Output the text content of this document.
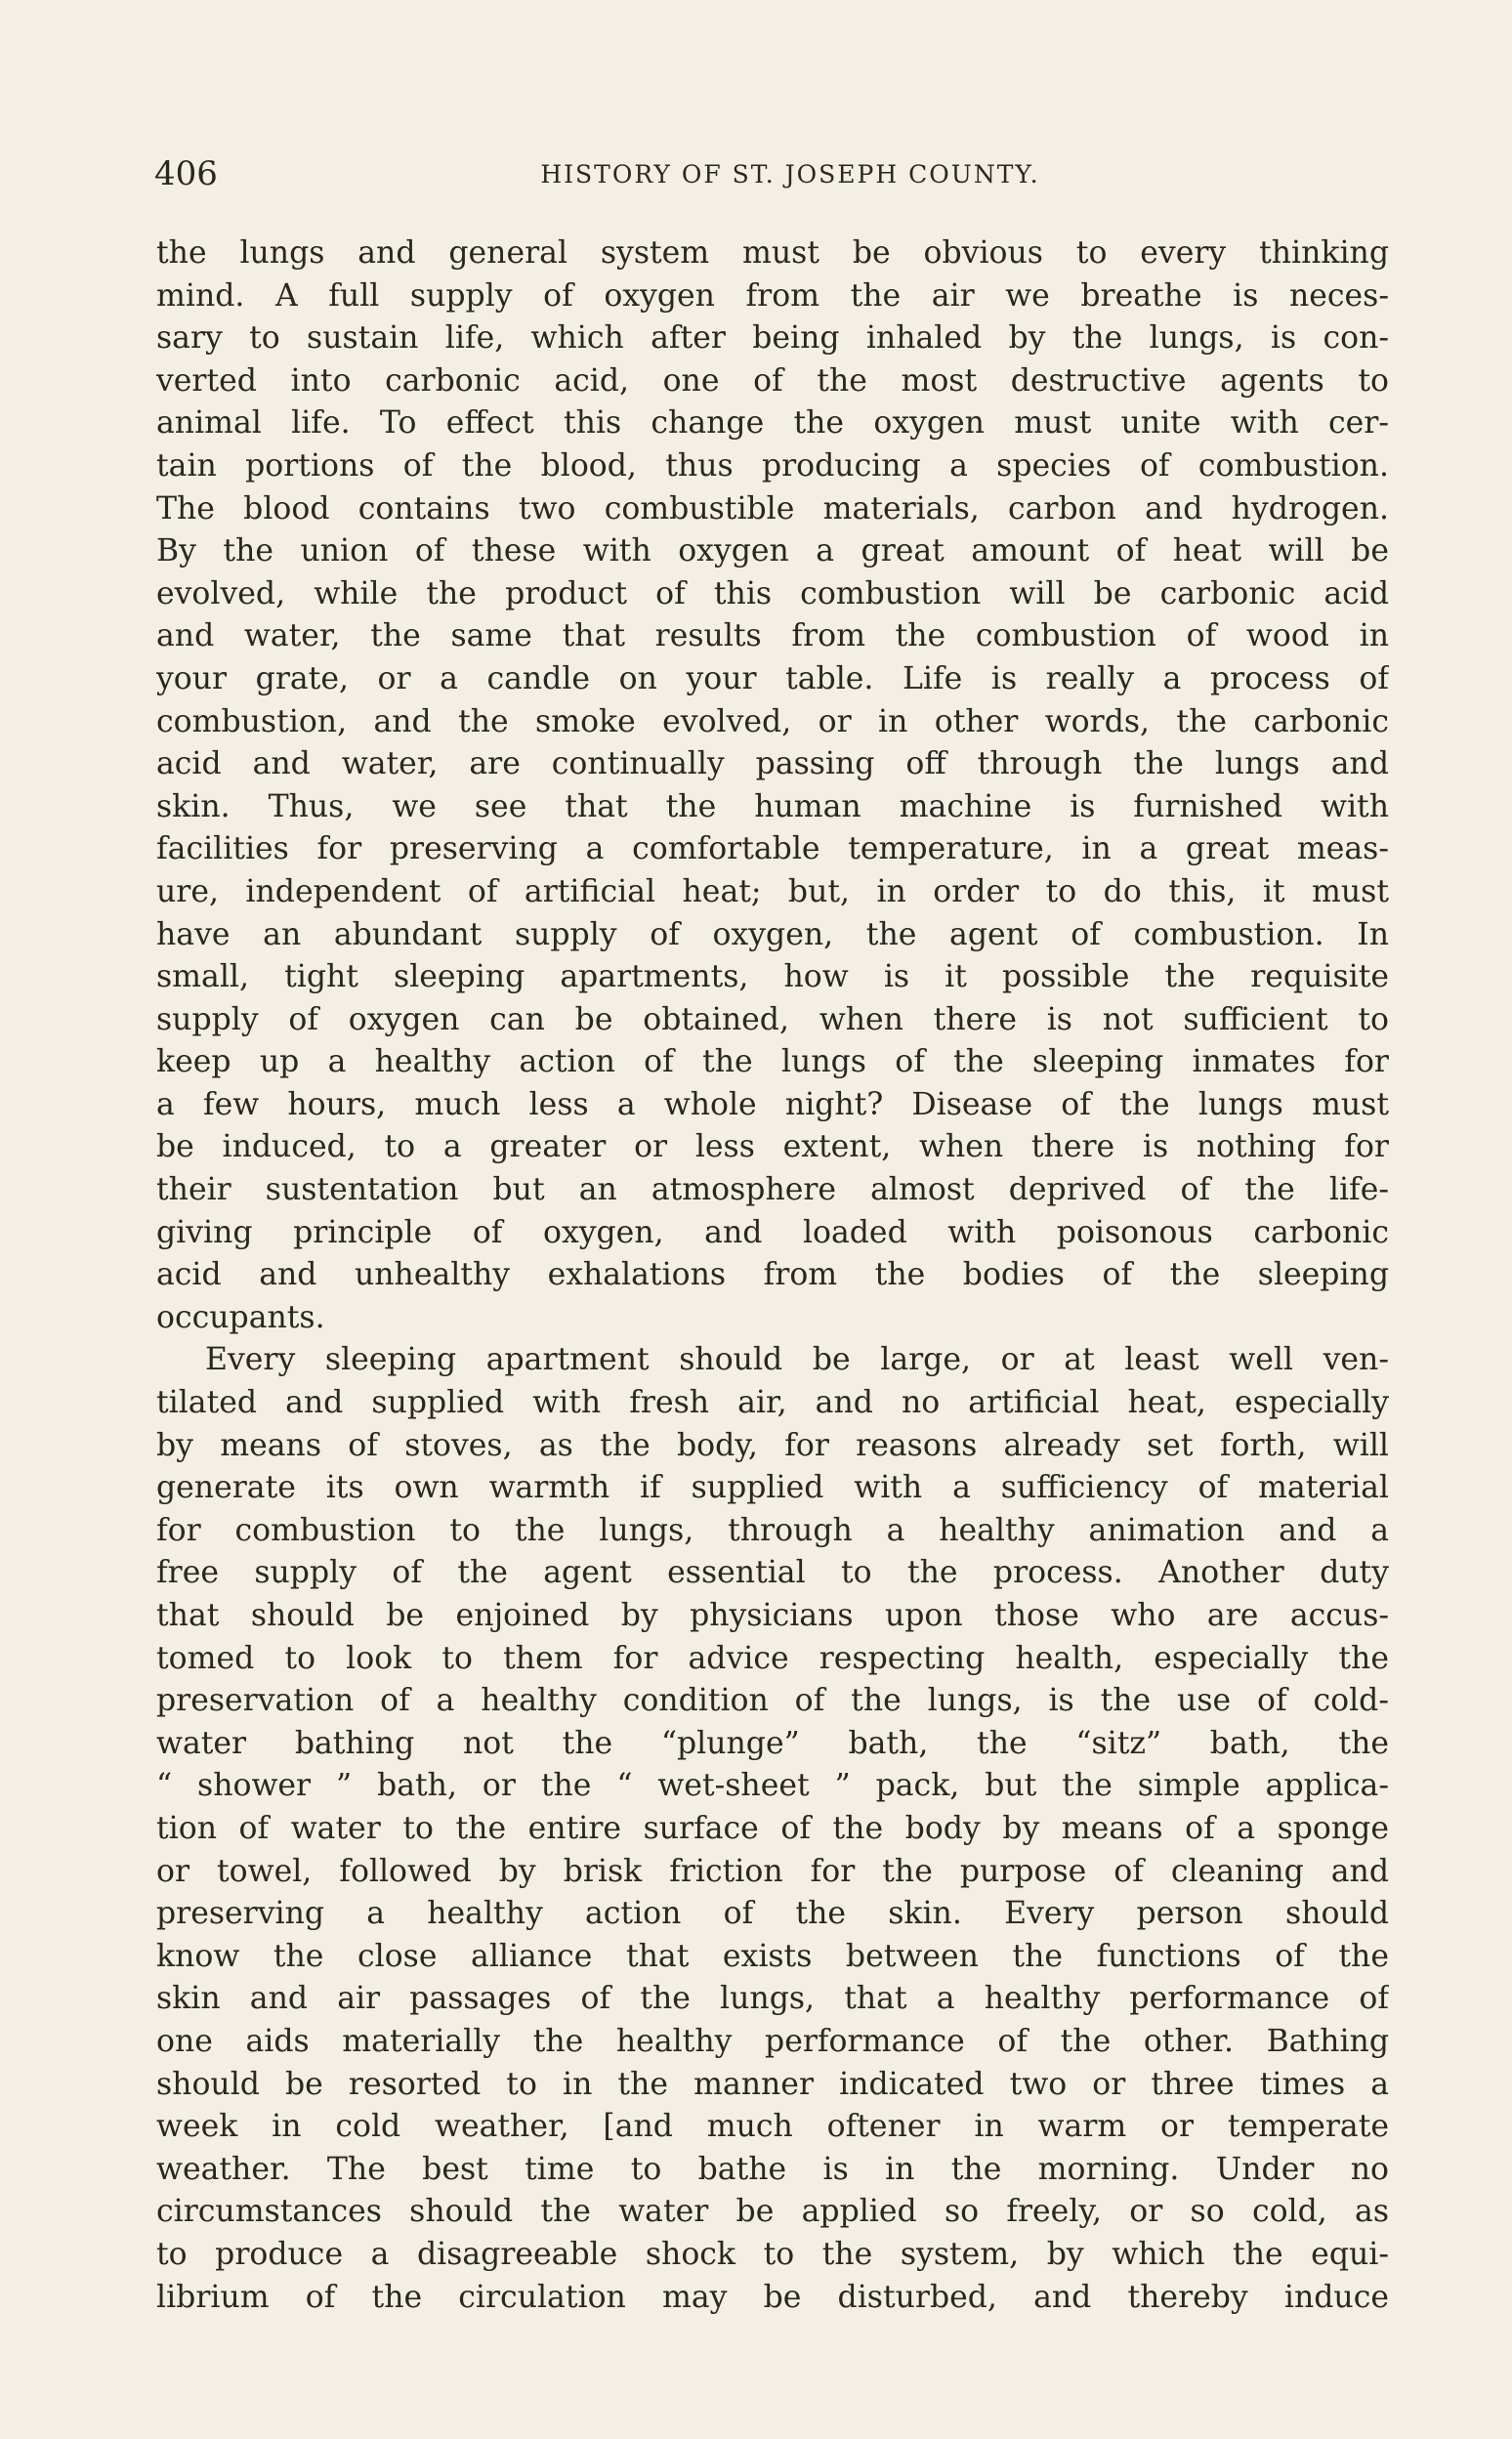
406	HISTORY OF ST. JOSEPH COUNTY.
the lungs and general system must be obvious to every thinking
mind. A full supply of oxygen from the air we breathe is neces-
sary to sustain life, which after being inhaled by the lungs, is con-
verted into carbonic acid, one of the most destructive agents to
animal life. To effect this change the oxygen must unite with cer-
tain portions of the blood, thus producing a species of combustion.
The blood contains two combustible materials, carbon and hydrogen.
By the union of these with oxygen a great amount of heat will be
evolved, while the product of this combustion will be carbonic acid
and water, the same that results from the combustion of wood in
your grate, or a candle on your table. Life is really a process of
combustion, and the smoke evolved, or in other words, the carbonic
acid and water, are continually passing off through the lungs and
skin. Thus, we see that the human machine is furnished with
facilities for preserving a comfortable temperature, in a great meas-
ure, independent of artificial heat; but, in order to do this, it must
have an abundant supply of oxygen, the agent of combustion. In
small, tight sleeping apartments, how is it possible the requisite
supply of oxygen can be obtained, when there is not sufficient to
keep up a healthy action of the lungs of the sleeping inmates for
a few hours, much less a whole night? Disease of the lungs must
be induced, to a greater or less extent, when there is nothing for
their sustentation but an atmosphere almost deprived of the life-
giving principle of oxygen, and loaded with poisonous carbonic
acid and unhealthy exhalations from the bodies of the sleeping
occupants.
Every sleeping apartment should be large, or at least well ven-
tilated and supplied with fresh air, and no artificial heat, especially
by means of stoves, as the body, for reasons already set forth, will
generate its own warmth if supplied with a sufficiency of material
for combustion to the lungs, through a healthy animation and a
free supply of the agent essential to the process. Another duty
that should be enjoined by physicians upon those who are accus-
tomed to look to them for advice respecting health, especially the
preservation of a healthy condition of the lungs, is the use of cold-
water bathing not the “plunge” bath, the “sitz” bath, the
“ shower ” bath, or the “ wet-sheet ” pack, but the simple applica-
tion of water to the entire surface of the body by means of a sponge
or towel, followed by brisk friction for the purpose of cleaning and
preserving a healthy action of the skin. Every person should
know the close alliance that exists between the functions of the
skin and air passages of the lungs, that a healthy performance of
one aids materially the healthy performance of the other. Bathing
should be resorted to in the manner indicated two or three times a
week in cold weather, [and much oftener in warm or temperate
weather. The best time to bathe is in the morning. Under no
circumstances should the water be applied so freely, or so cold, as
to produce a disagreeable shock to the system, by which the equi-
librium of the circulation may be disturbed, and thereby induce
